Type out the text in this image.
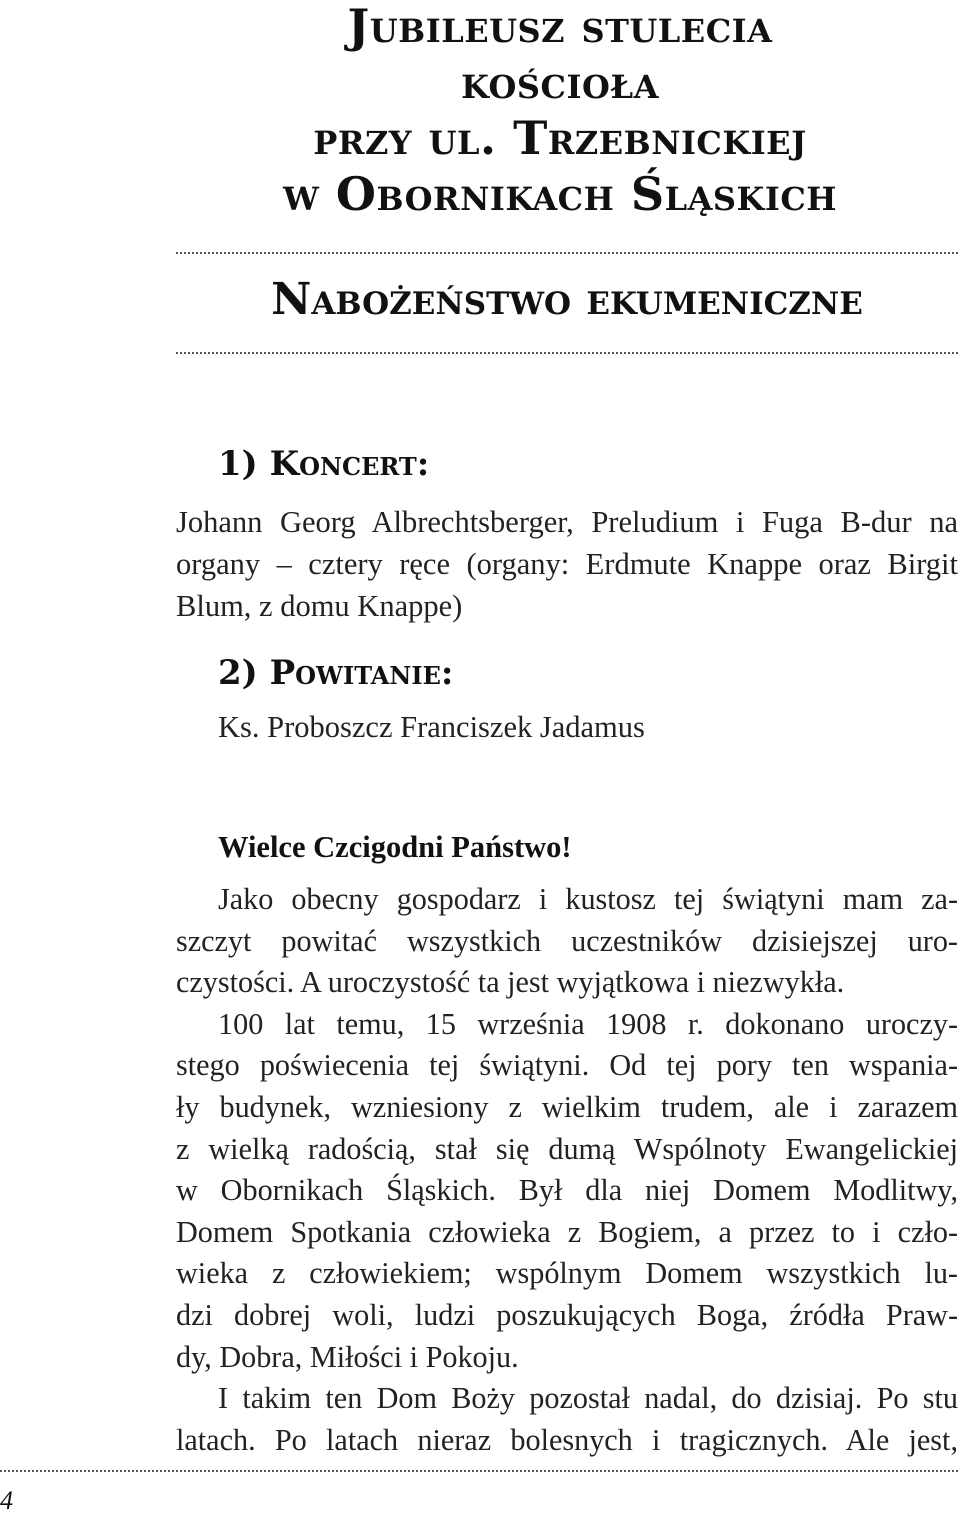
Jubileusz stulecia
kościoła
przy ul. Trzebnickiej
w Obornikach Śląskich
Nabożeństwo ekumeniczne
1) Koncert:
Johann Georg Albrechtsberger, Preludium i Fuga B-dur na organy – cztery ręce (organy: Erdmute Knappe oraz Birgit Blum, z domu Knappe)
2) Powitanie:
Ks. Proboszcz Franciszek Jadamus
Wielce Czcigodni Państwo!
Jako obecny gospodarz i kustosz tej świątyni mam za-
szczyt powitać wszystkich uczestników dzisiejszej uro-
czystości. A uroczystość ta jest wyjątkowa i niezwykła.
100 lat temu, 15 września 1908 r. dokonano uroczy-
stego poświecenia tej świątyni. Od tej pory ten wspania-
ły budynek, wzniesiony z wielkim trudem, ale i zarazem
z wielką radością, stał się dumą Wspólnoty Ewangelickiej
w Obornikach Śląskich. Był dla niej Domem Modlitwy,
Domem Spotkania człowieka z Bogiem, a przez to i czło-
wieka z człowiekiem; wspólnym Domem wszystkich lu-
dzi dobrej woli, ludzi poszukujących Boga, źródła Praw-
dy, Dobra, Miłości i Pokoju.
I takim ten Dom Boży pozostał nadal, do dzisiaj. Po stu
latach. Po latach nieraz bolesnych i tragicznych. Ale jest,
4
